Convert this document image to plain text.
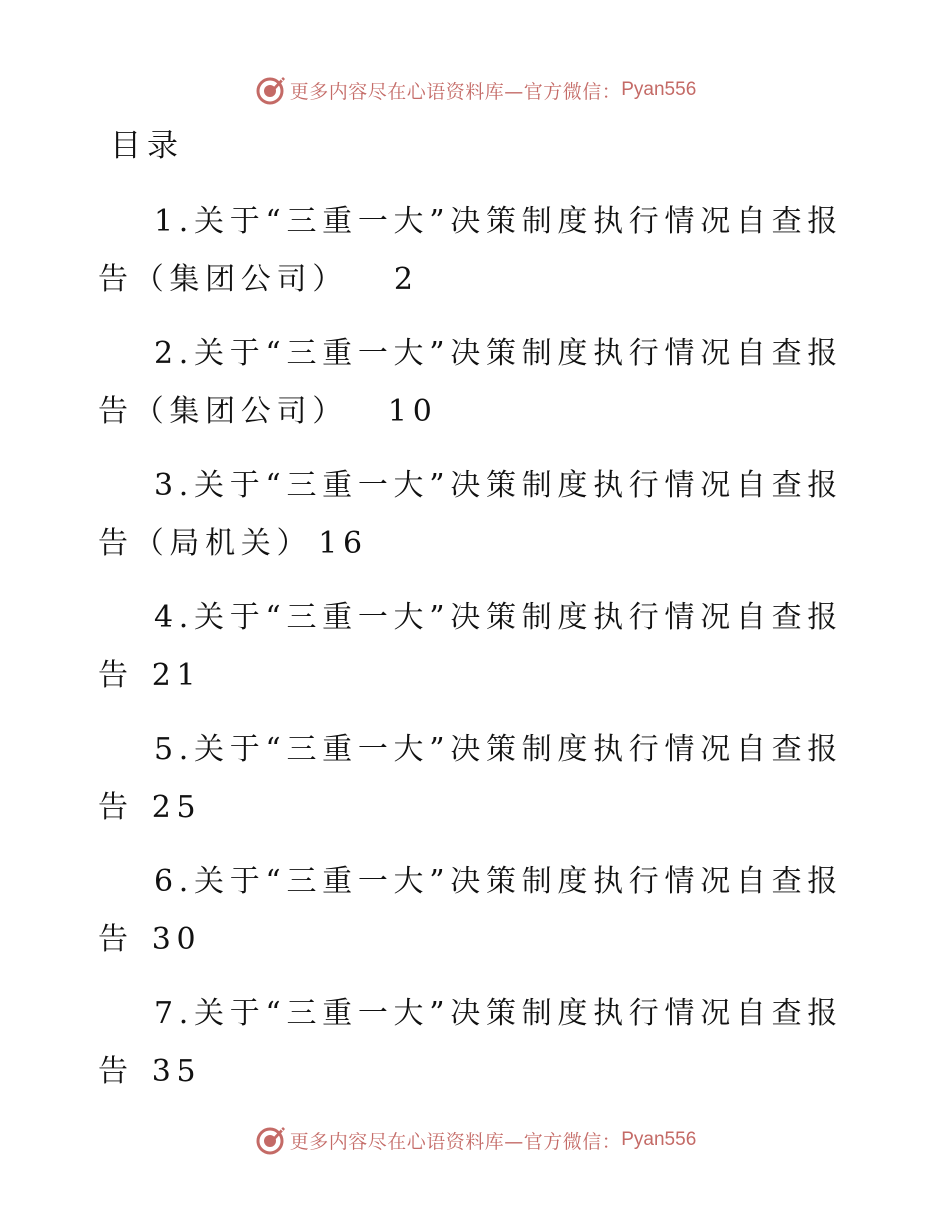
更多内容尽在心语资料库—官方微信： Pyan556
目录
1.关于“三重一大”决策制度执行情况自查报
告（集团公司） 2
2.关于“三重一大”决策制度执行情况自查报
告（集团公司） 10
3.关于“三重一大”决策制度执行情况自查报
告（局机关） 16
4.关于“三重一大”决策制度执行情况自查报
告 21
5.关于“三重一大”决策制度执行情况自查报
告 25
6.关于“三重一大”决策制度执行情况自查报
告 30
7.关于“三重一大”决策制度执行情况自查报
告 35
更多内容尽在心语资料库—官方微信： Pyan556
